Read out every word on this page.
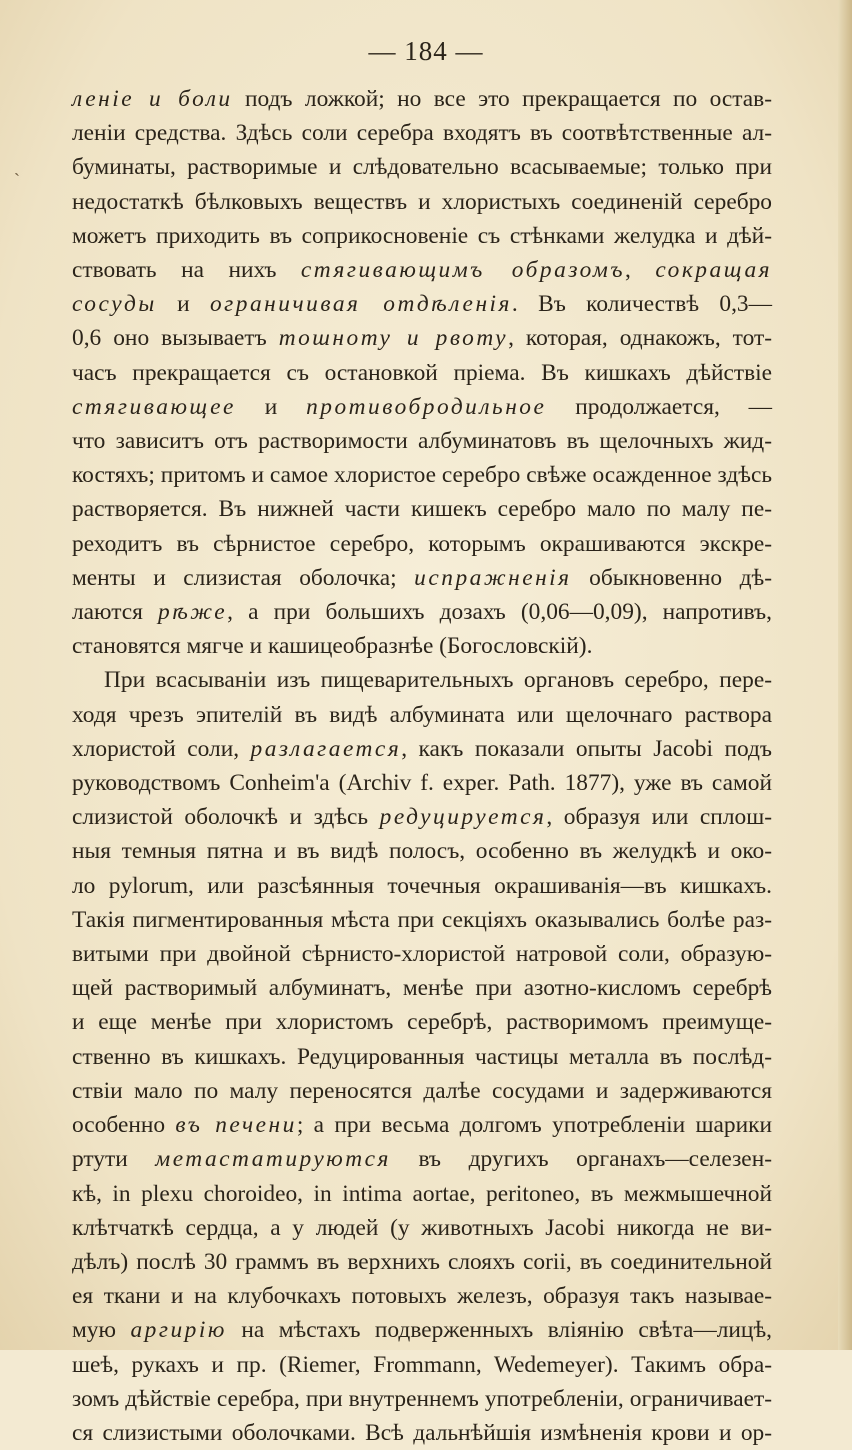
ˋ
— 184 —
леніе и боли подъ ложкой; но все это прекращается по остав-
леніи средства. Здѣсь соли серебра входятъ въ соотвѣтственные ал-
буминаты, растворимые и слѣдовательно всасываемые; только при
недостаткѣ бѣлковыхъ веществъ и хлористыхъ соединеній серебро
можетъ приходить въ соприкосновеніе съ стѣнками желудка и дѣй-
ствовать на нихъ стягивающимъ образомъ, сокращая
сосуды и ограничивая отдѣленія. Въ количествѣ 0,3—
0,6 оно вызываетъ тошноту и рвоту, которая, однакожъ, тот-
часъ прекращается съ остановкой пріема. Въ кишкахъ дѣйствіе
стягивающее и противобродильное продолжается, —
что зависитъ отъ растворимости албуминатовъ въ щелочныхъ жид-
костяхъ; притомъ и самое хлористое серебро свѣже осажденное здѣсь
растворяется. Въ нижней части кишекъ серебро мало по малу пе-
реходитъ въ сѣрнистое серебро, которымъ окрашиваются экскре-
менты и слизистая оболочка; испражненія обыкновенно дѣ-
лаются рѣже, а при большихъ дозахъ (0,06—0,09), напротивъ,
становятся мягче и кашицеобразнѣе (Богословскій).
При всасываніи изъ пищеварительныхъ органовъ серебро, пере-
ходя чрезъ эпителій въ видѣ албумината или щелочнаго раствора
хлористой соли, разлагается, какъ показали опыты Jacobi подъ
руководствомъ Conheim'а (Archiv f. exper. Path. 1877), уже въ самой
слизистой оболочкѣ и здѣсь редуцируется, образуя или сплош-
ныя темныя пятна и въ видѣ полосъ, особенно въ желудкѣ и око-
ло pylorum, или разсѣянныя точечныя окрашиванія—въ кишкахъ.
Такія пигментированныя мѣста при секціяхъ оказывались болѣе раз-
витыми при двойной сѣрнисто-хлористой натровой соли, образую-
щей растворимый албуминатъ, менѣе при азотно-кисломъ серебрѣ
и еще менѣе при хлористомъ серебрѣ, растворимомъ преимуще-
ственно въ кишкахъ. Редуцированныя частицы металла въ послѣд-
ствіи мало по малу переносятся далѣе сосудами и задерживаются
особенно въ печени; а при весьма долгомъ употребленіи шарики
ртути метастатируются въ другихъ органахъ—селезен-
кѣ, in plexu choroideo, in intima aortae, peritoneo, въ межмышечной
клѣтчаткѣ сердца, а у людей (у животныхъ Jacobi никогда не ви-
дѣлъ) послѣ 30 граммъ въ верхнихъ слояхъ corii, въ соединительной
ея ткани и на клубочкахъ потовыхъ железъ, образуя такъ называе-
мую аргирію на мѣстахъ подверженныхъ вліянію свѣта—лицѣ,
шеѣ, рукахъ и пр. (Riemer, Frommann, Wedemeyer). Такимъ обра-
зомъ дѣйствіе серебра, при внутреннемъ употребленіи, ограничивает-
ся слизистыми оболочками. Всѣ дальнѣйшія измѣненія крови и ор-
